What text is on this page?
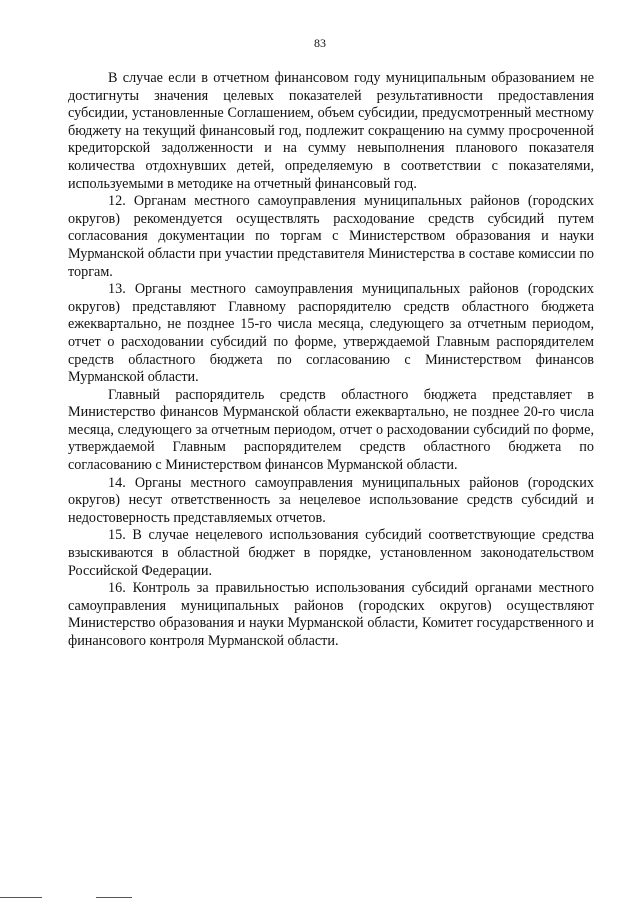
83

В случае если в отчетном финансовом году муниципальным образованием не достигнуты значения целевых показателей результативности предоставления субсидии, установленные Соглашением, объем субсидии, предусмотренный местному бюджету на текущий финансовый год, подлежит сокращению на сумму просроченной кредиторской задолженности и на сумму невыполнения планового показателя количества отдохнувших детей, определяемую в соответствии с показателями, используемыми в методике на отчетный финансовый год.

12. Органам местного самоуправления муниципальных районов (городских округов) рекомендуется осуществлять расходование средств субсидий путем согласования документации по торгам с Министерством образования и науки Мурманской области при участии представителя Министерства в составе комиссии по торгам.

13. Органы местного самоуправления муниципальных районов (городских округов) представляют Главному распорядителю средств областного бюджета ежеквартально, не позднее 15-го числа месяца, следующего за отчетным периодом, отчет о расходовании субсидий по форме, утверждаемой Главным распорядителем средств областного бюджета по согласованию с Министерством финансов Мурманской области.

Главный распорядитель средств областного бюджета представляет в Министерство финансов Мурманской области ежеквартально, не позднее 20-го числа месяца, следующего за отчетным периодом, отчет о расходовании субсидий по форме, утверждаемой Главным распорядителем средств областного бюджета по согласованию с Министерством финансов Мурманской области.

14. Органы местного самоуправления муниципальных районов (городских округов) несут ответственность за нецелевое использование средств субсидий и недостоверность представляемых отчетов.

15. В случае нецелевого использования субсидий соответствующие средства взыскиваются в областной бюджет в порядке, установленном законодательством Российской Федерации.

16. Контроль за правильностью использования субсидий органами местного самоуправления муниципальных районов (городских округов) осуществляют Министерство образования и науки Мурманской области, Комитет государственного и финансового контроля Мурманской области.
